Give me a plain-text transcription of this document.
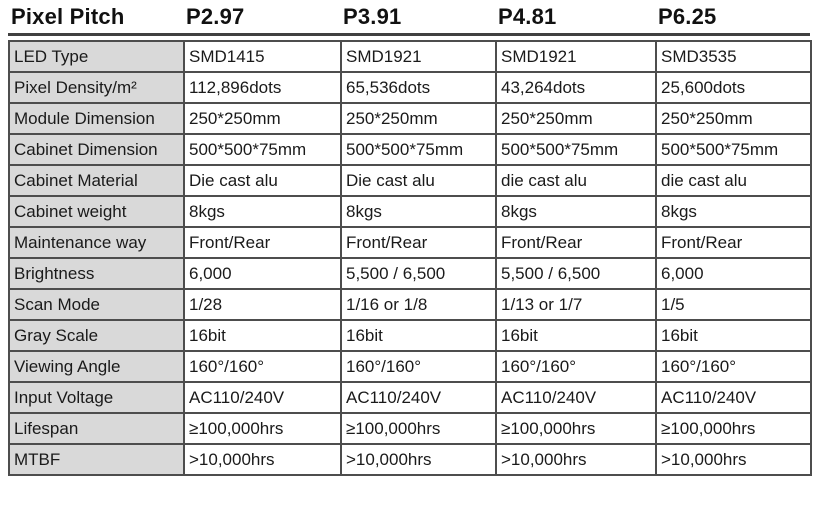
Pixel Pitch	P2.97	P3.91	P4.81	P6.25
LED Type	SMD1415	SMD1921	SMD1921	SMD3535
Pixel Density/m²	112,896dots	65,536dots	43,264dots	25,600dots
Module Dimension	250*250mm	250*250mm	250*250mm	250*250mm
Cabinet Dimension	500*500*75mm	500*500*75mm	500*500*75mm	500*500*75mm
Cabinet Material	Die cast alu	Die cast alu	die cast alu	die cast alu
Cabinet weight	8kgs	8kgs	8kgs	8kgs
Maintenance way	Front/Rear	Front/Rear	Front/Rear	Front/Rear
Brightness	6,000	5,500 / 6,500	5,500 / 6,500	6,000
Scan Mode	1/28	1/16 or 1/8	1/13 or 1/7	1/5
Gray Scale	16bit	16bit	16bit	16bit
Viewing Angle	160°/160°	160°/160°	160°/160°	160°/160°
Input Voltage	AC110/240V	AC110/240V	AC110/240V	AC110/240V
Lifespan	≥100,000hrs	≥100,000hrs	≥100,000hrs	≥100,000hrs
MTBF	>10,000hrs	>10,000hrs	>10,000hrs	>10,000hrs
